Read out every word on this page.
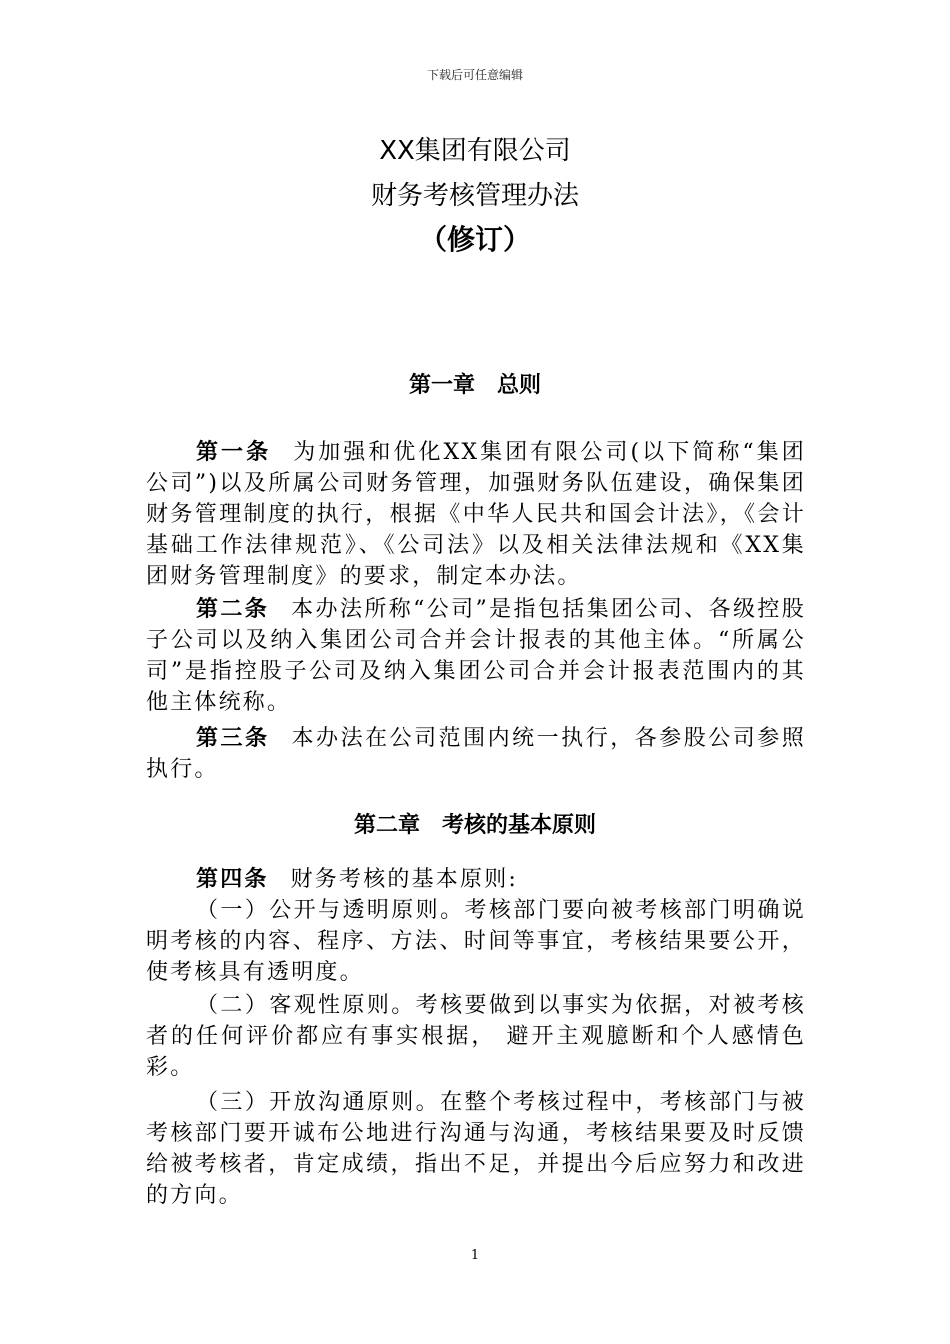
下载后可任意编辑
XX集团有限公司
财务考核管理办法
（修订）
第一章　总则
第一条 为加强和优化XX集团有限公司(以下简称“集团公司”)以及所属公司财务管理，加强财务队伍建设，确保集团财务管理制度的执行，根据《中华人民共和国会计法》，《会计基础工作法律规范》、《公司法》以及相关法律法规和《XX集团财务管理制度》的要求，制定本办法。
第二条 本办法所称“公司”是指包括集团公司、各级控股子公司以及纳入集团公司合并会计报表的其他主体。“所属公司”是指控股子公司及纳入集团公司合并会计报表范围内的其他主体统称。
第三条 本办法在公司范围内统一执行，各参股公司参照执行。
第二章　考核的基本原则
第四条 财务考核的基本原则:
（一）公开与透明原则。考核部门要向被考核部门明确说明考核的内容、程序、方法、时间等事宜，考核结果要公开，使考核具有透明度。
（二）客观性原则。考核要做到以事实为依据，对被考核者的任何评价都应有事实根据， 避开主观臆断和个人感情色彩。
（三）开放沟通原则。在整个考核过程中，考核部门与被考核部门要开诚布公地进行沟通与沟通，考核结果要及时反馈给被考核者，肯定成绩，指出不足，并提出今后应努力和改进的方向。
1
